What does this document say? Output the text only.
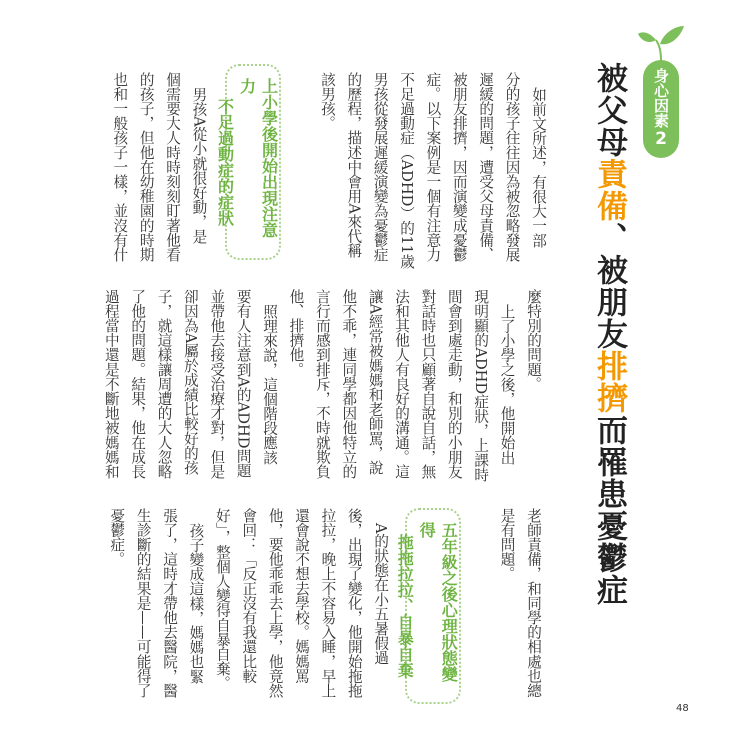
身心因素
2
被父母責備、被朋友排擠而罹患憂鬱症
如前文所述，有很大一部
分的孩子往往因為被忽略發展
遲緩的問題，遭受父母責備、
被朋友排擠，因而演變成憂鬱
症。以下案例是一個有注意力
不足過動症（ADHD）的11歲
男孩從發展遲緩演變為憂鬱症
的歷程，描述中會用A來代稱
該男孩。
上小學後開始出現注意力
不足過動症的症狀
男孩A從小就很好動，是
個需要大人時時刻刻盯著他看
的孩子，但他在幼稚園的時期
也和一般孩子一樣，並沒有什
麼特別的問題。
上了小學之後，他開始出
現明顯的ADHD症狀，上課時
間會到處走動，和別的小朋友
對話時也只顧著自說自話，無
法和其他人有良好的溝通。這
讓A經常被媽媽和老師罵，說
他不乖，連同學都因他特立的
言行而感到排斥，不時就欺負
他、排擠他。
照理來說，這個階段應該
要有人注意到A的ADHD問題
並帶他去接受治療才對，但是
卻因為A屬於成績比較好的孩
子，就這樣讓周遭的大人忽略
了他的問題。結果，他在成長
過程當中還是不斷地被媽媽和
老師責備，和同學的相處也總
是有問題。
五年級之後心理狀態變得
拖拖拉拉、自暴自棄
A的狀態在小五暑假過
後，出現了變化，他開始拖拖
拉拉，晚上不容易入睡，早上
還會說不想去學校。媽媽罵
他，要他乖乖去上學，他竟然
會回：「反正沒有我還比較
好」，整個人變得自暴自棄。
孩子變成這樣，媽媽也緊
張了，這時才帶他去醫院，醫
生診斷的結果是——可能得了
憂鬱症。
48
